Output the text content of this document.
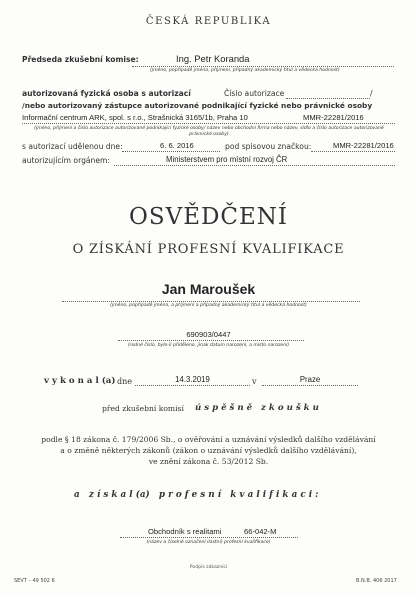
ČESKÁ REPUBLIKA
Předseda zkušební komise:	Ing. Petr Koranda
(jméno, popřípadě jména, příjmení, případný akademický titul a vědecká hodnost)
autorizovaná fyzická osoba s autorizací	Číslo autorizace	/
/nebo autorizovaný zástupce autorizované podnikající fyzické nebo právnické osoby
Informační centrum ARK, spol. s r.o., Strašnická 3165/1b, Praha 10	MMR-22281/2016
(jméno, příjmení a číslo autorizace autorizované podnikající fyzické osoby/ název nebo obchodní firma nebo název, sídlo a číslo autorizace autorizované právnické osoby)
s autorizací udělenou dne:	6. 6. 2016	pod spisovou značkou:	MMR-22281/2016
autorizujícím orgánem:	Ministerstvem pro místní rozvoj ČR
OSVĚDČENÍ
O ZÍSKÁNÍ PROFESNÍ KVALIFIKACE
Jan Maroušek
(jméno, popřípadě jména, a příjmení a případný akademický titul a vědecká hodnost)
690903/0447
(rodné číslo, bylo-li přiděleno, jinak datum narození, a místo narození)
v y k o n a l (a) dne	14.3.2019	v	Praze
před zkušební komisí ú s p ě š n ě   z k o u š k u
podle § 18 zákona č. 179/2006 Sb., o ověřování a uznávání výsledků dalšího vzdělávání
a o změně některých zákonů (zákon o uznávání výsledků dalšího vzdělávání),
ve znění zákona č. 53/2012 Sb.
a   z í s k a l (a)   p r o f e s n í   k v a l i f i k a c i :
Obchodník s realitami	66-042-M
(název a číselné označení ilastní) profesní kvalifikace)
Podpis zákazníci
SEVT – 49 502 6	B.N.B. 406 2017
